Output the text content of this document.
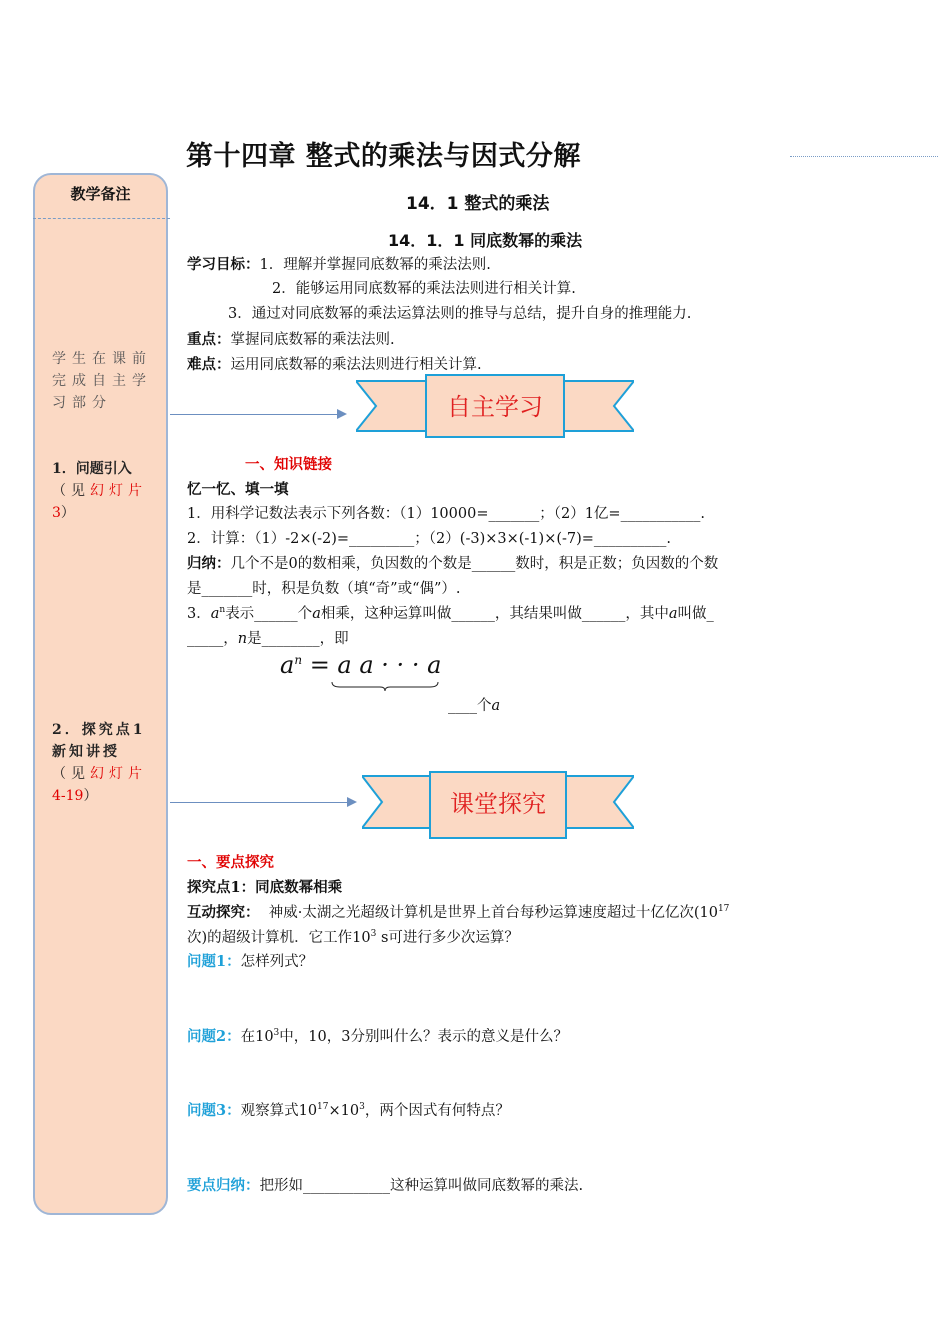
第十四章 整式的乘法与因式分解
教学备注
学生在课前完成自主学习部分
1．问题引入
（见幻灯片
3）
2．探究点1新知讲授
（见幻灯片
4-19）
14．1 整式的乘法
14．1．1 同底数幂的乘法
学习目标：1．理解并掌握同底数幂的乘法法则.
2．能够运用同底数幂的乘法法则进行相关计算.
3．通过对同底数幂的乘法运算法则的推导与总结，提升自身的推理能力.
重点：掌握同底数幂的乘法法则.
难点：运用同底数幂的乘法法则进行相关计算.
自主学习
一、知识链接
忆一忆、填一填
1．用科学记数法表示下列各数：（1）10000=_______；（2）1亿=___________.
2．计算：（1）-2×(-2)=_________；（2）(-3)×3×(-1)×(-7)=__________.
归纳：几个不是0的数相乘，负因数的个数是______数时，积是正数；负因数的个数
是_______时，积是负数（填“奇”或“偶”）.
3．$a^n$表示______个a相乘，这种运算叫做______，其结果叫做______，其中a叫做_
_____，n是________，即
$a^n = a$ a · · · a
____个a
课堂探究
一、要点探究
探究点1：同底数幂相乘
互动探究： 神威·太湖之光超级计算机是世界上首台每秒运算速度超过十亿亿次($10^{17}$
次)的超级计算机．它工作$10^3$ s可进行多少次运算？
问题1：怎样列式？
问题2：在$10^3$中，10，3分别叫什么？表示的意义是什么？
问题3：观察算式$10^{17}\times 10^3$，两个因式有何特点？
要点归纳：把形如____________这种运算叫做同底数幂的乘法.
